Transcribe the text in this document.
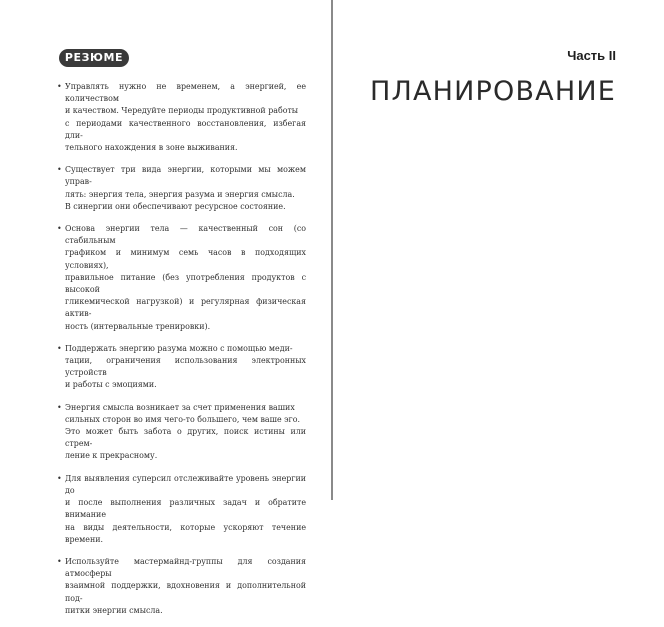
РЕЗЮМЕ
• Управлять нужно не временем, а энергией, ее количеством
и качеством. Чередуйте периоды продуктивной работы
с периодами качественного восстановления, избегая дли-
тельного нахождения в зоне выживания.
• Существует три вида энергии, которыми мы можем управ-
лять: энергия тела, энергия разума и энергия смысла.
В синергии они обеспечивают ресурсное состояние.
• Основа энергии тела — качественный сон (со стабильным
графиком и минимум семь часов в подходящих условиях),
правильное питание (без употребления продуктов с высокой
гликемической нагрузкой) и регулярная физическая актив-
ность (интервальные тренировки).
• Поддержать энергию разума можно с помощью меди-
тации, ограничения использования электронных устройств
и работы с эмоциями.
• Энергия смысла возникает за счет применения ваших
сильных сторон во имя чего-то большего, чем ваше эго.
Это может быть забота о других, поиск истины или стрем-
ление к прекрасному.
• Для выявления суперсил отслеживайте уровень энергии до
и после выполнения различных задач и обратите внимание
на виды деятельности, которые ускоряют течение времени.
• Используйте мастермайнд-группы для создания атмосферы
взаимной поддержки, вдохновения и дополнительной под-
питки энергии смысла.
Часть II
ПЛАНИРОВАНИЕ
